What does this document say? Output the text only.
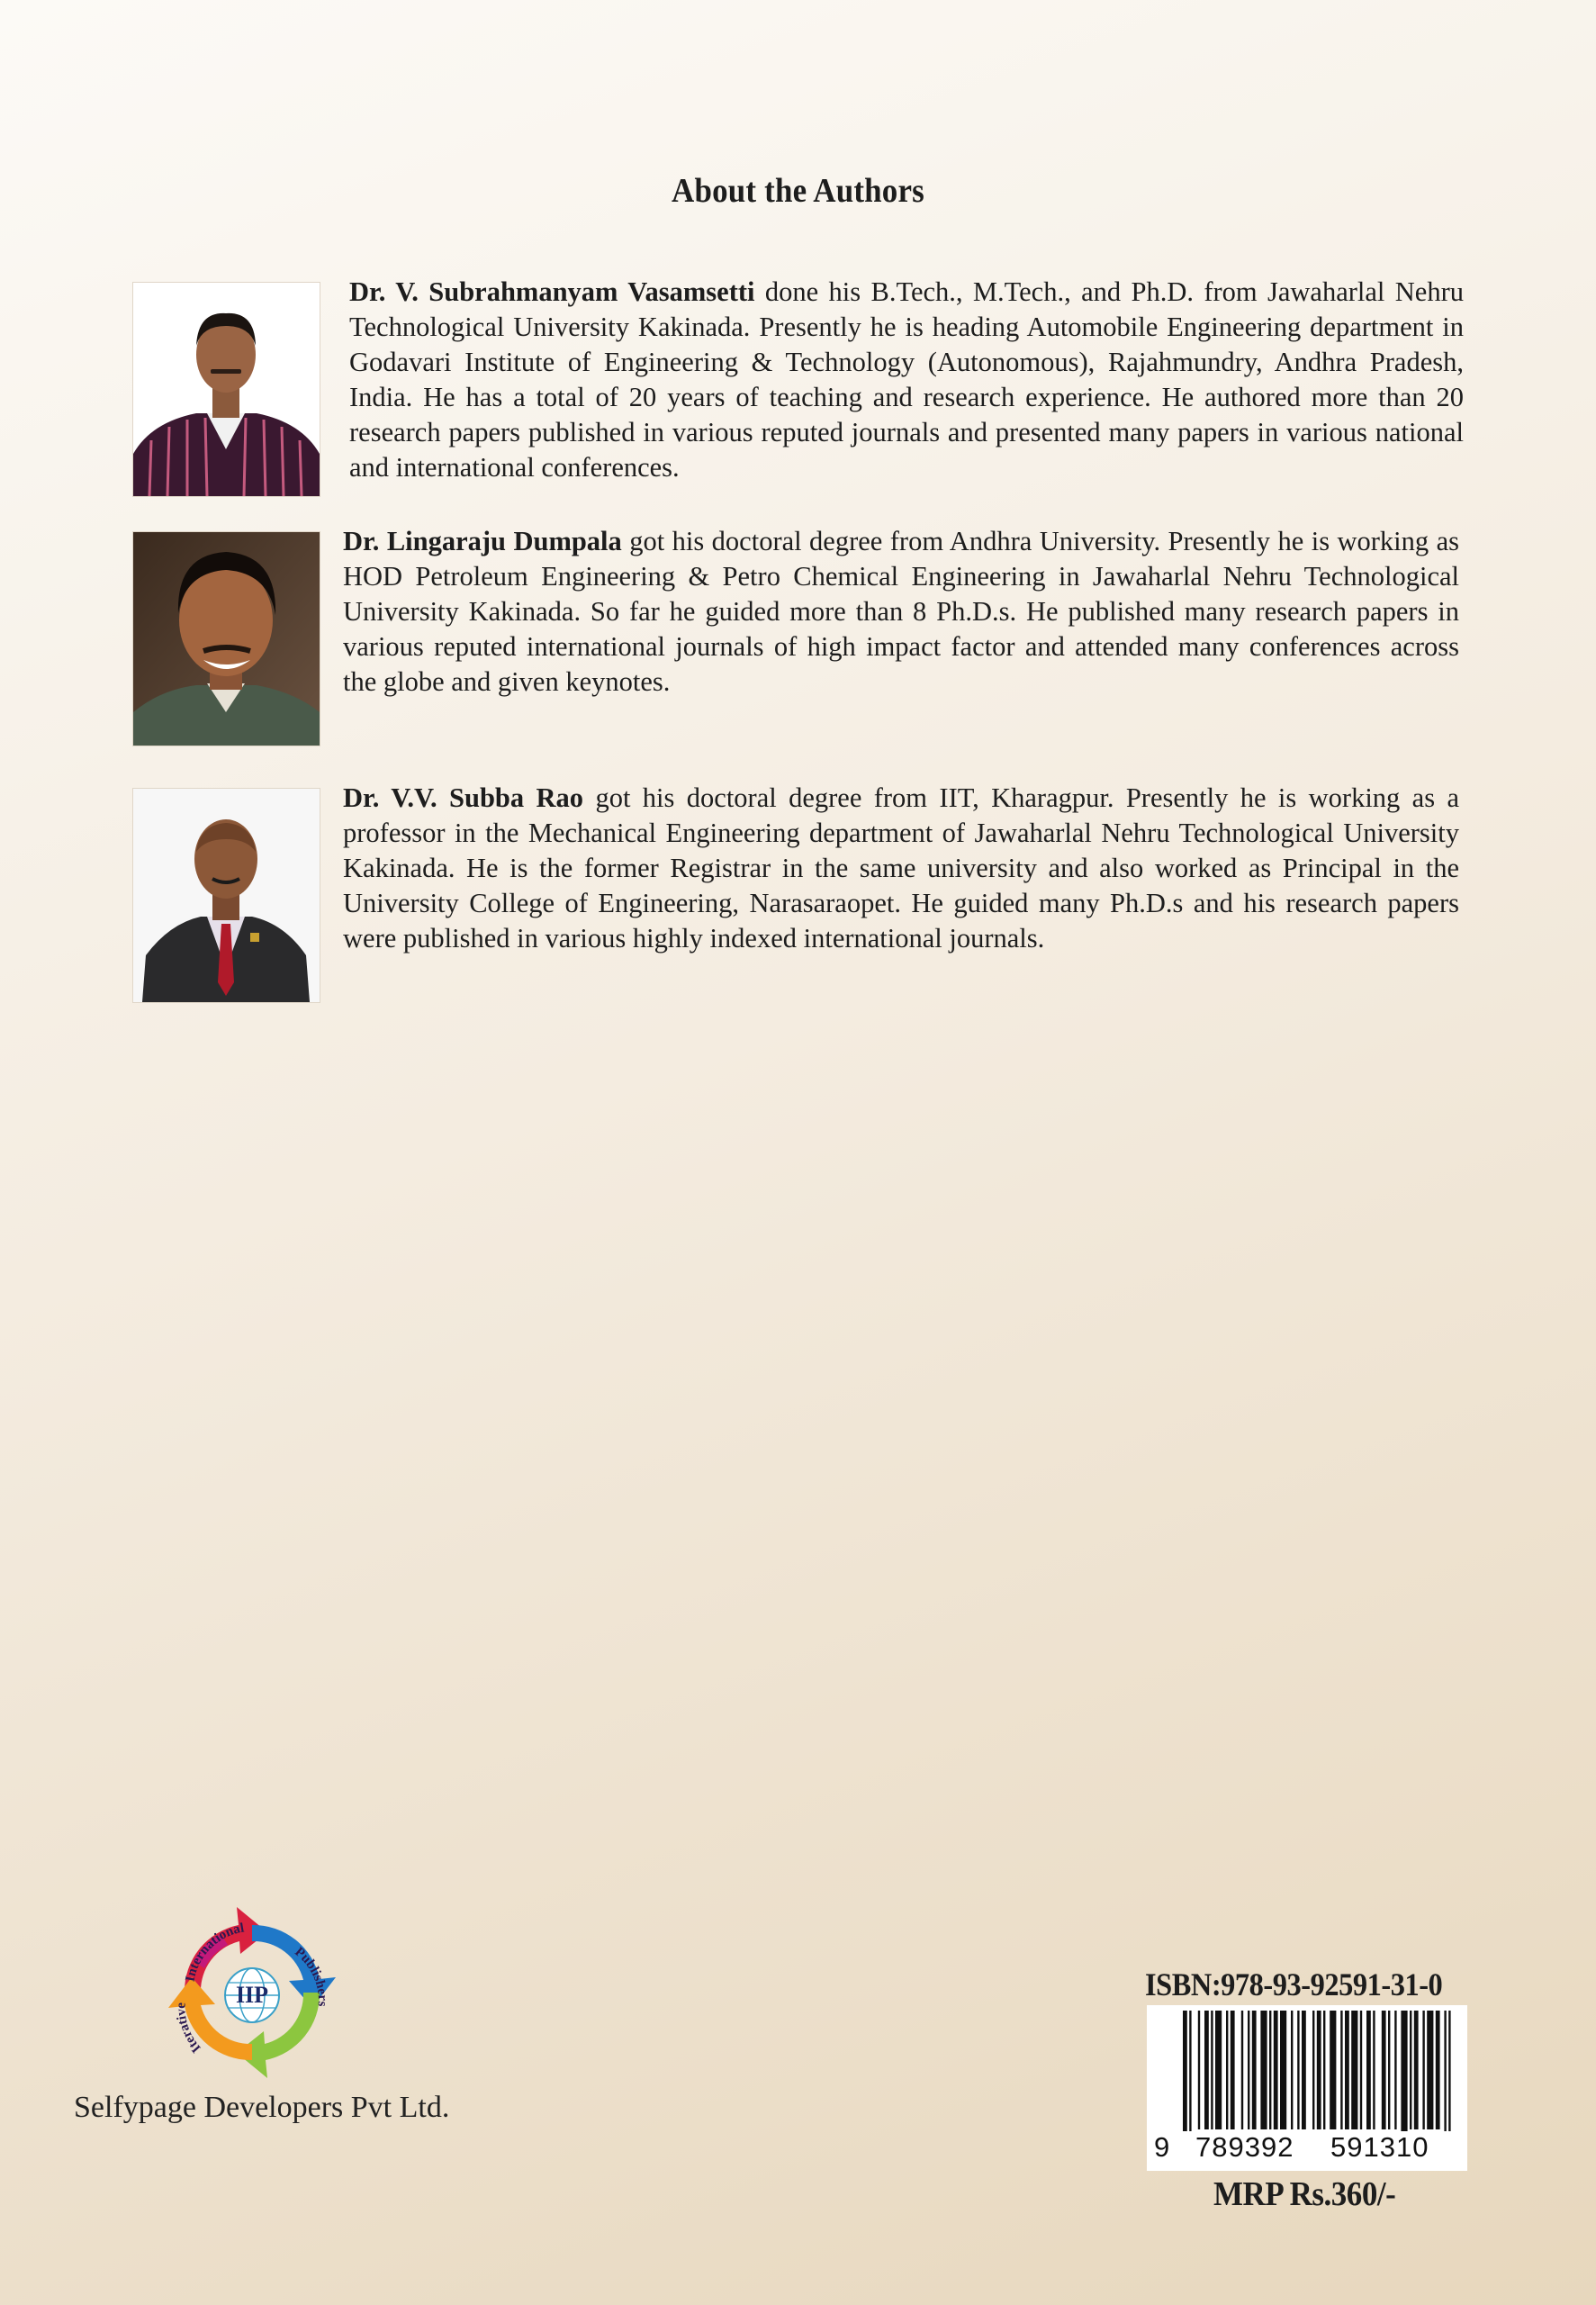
About the Authors
Dr. V. Subrahmanyam Vasamsetti done his B.Tech., M.Tech., and Ph.D. from Jawaharlal Nehru Technological University Kakinada. Presently he is heading Automobile Engineering department in Godavari Institute of Engineering & Technology (Autonomous), Rajahmundry, Andhra Pradesh, India. He has a total of 20 years of teaching and research experience. He authored more than 20 research papers published in various reputed journals and presented many papers in various national and international conferences.
Dr. Lingaraju Dumpala got his doctoral degree from Andhra University. Presently he is working as HOD Petroleum Engineering & Petro Chemical Engineering in Jawaharlal Nehru Technological University Kakinada. So far he guided more than 8 Ph.D.s. He published many research papers in various reputed international journals of high impact factor and attended many conferences across the globe and given keynotes.
Dr. V.V. Subba Rao got his doctoral degree from IIT, Kharagpur. Presently he is working as a professor in the Mechanical Engineering department of Jawaharlal Nehru Technological University Kakinada. He is the former Registrar in the same university and also worked as Principal in the University College of Engineering, Narasaraopet. He guided many Ph.D.s and his research papers were published in various highly indexed international journals.
IIP
International
Publishers
Iterative
Selfypage Developers Pvt Ltd.
ISBN:978-93-92591-31-0
9 789392 591310
MRP Rs.360/-
